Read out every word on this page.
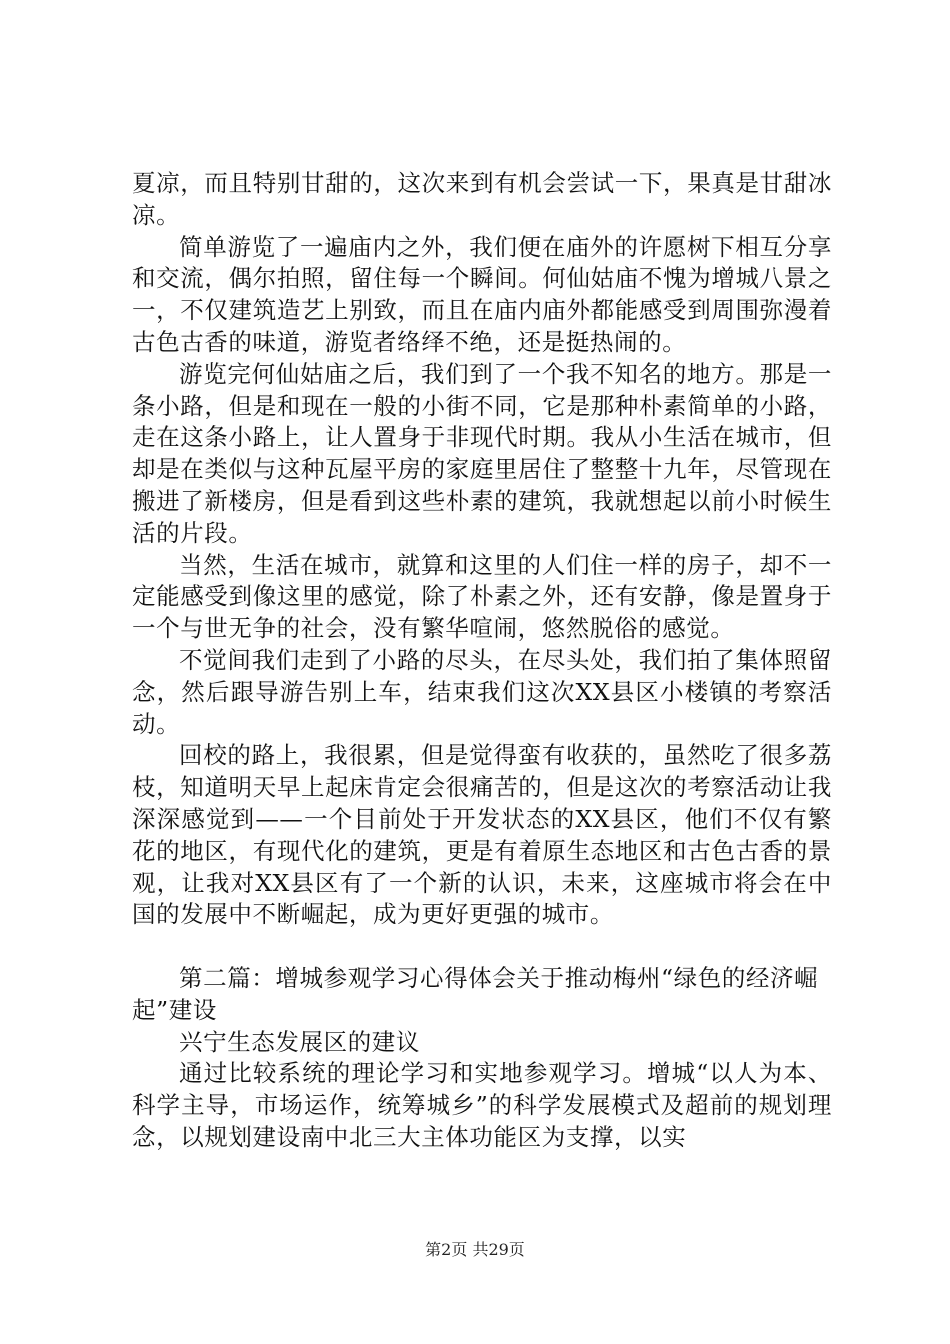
夏凉，而且特别甘甜的，这次来到有机会尝试一下，果真是甘甜冰凉。

简单游览了一遍庙内之外，我们便在庙外的许愿树下相互分享和交流，偶尔拍照，留住每一个瞬间。何仙姑庙不愧为增城八景之一，不仅建筑造艺上别致，而且在庙内庙外都能感受到周围弥漫着古色古香的味道，游览者络绎不绝，还是挺热闹的。

游览完何仙姑庙之后，我们到了一个我不知名的地方。那是一条小路，但是和现在一般的小街不同，它是那种朴素简单的小路，走在这条小路上，让人置身于非现代时期。我从小生活在城市，但却是在类似与这种瓦屋平房的家庭里居住了整整十九年，尽管现在搬进了新楼房，但是看到这些朴素的建筑，我就想起以前小时候生活的片段。

当然，生活在城市，就算和这里的人们住一样的房子，却不一定能感受到像这里的感觉，除了朴素之外，还有安静，像是置身于一个与世无争的社会，没有繁华喧闹，悠然脱俗的感觉。

不觉间我们走到了小路的尽头，在尽头处，我们拍了集体照留念，然后跟导游告别上车，结束我们这次XX县区小楼镇的考察活动。

回校的路上，我很累，但是觉得蛮有收获的，虽然吃了很多荔枝，知道明天早上起床肯定会很痛苦的，但是这次的考察活动让我深深感觉到——一个目前处于开发状态的XX县区，他们不仅有繁花的地区，有现代化的建筑，更是有着原生态地区和古色古香的景观，让我对XX县区有了一个新的认识，未来，这座城市将会在中国的发展中不断崛起，成为更好更强的城市。

第二篇：增城参观学习心得体会关于推动梅州“绿色的经济崛起”建设

兴宁生态发展区的建议

通过比较系统的理论学习和实地参观学习。增城“以人为本、科学主导，市场运作，统筹城乡”的科学发展模式及超前的规划理念，以规划建设南中北三大主体功能区为支撑，以实

第2页 共29页
